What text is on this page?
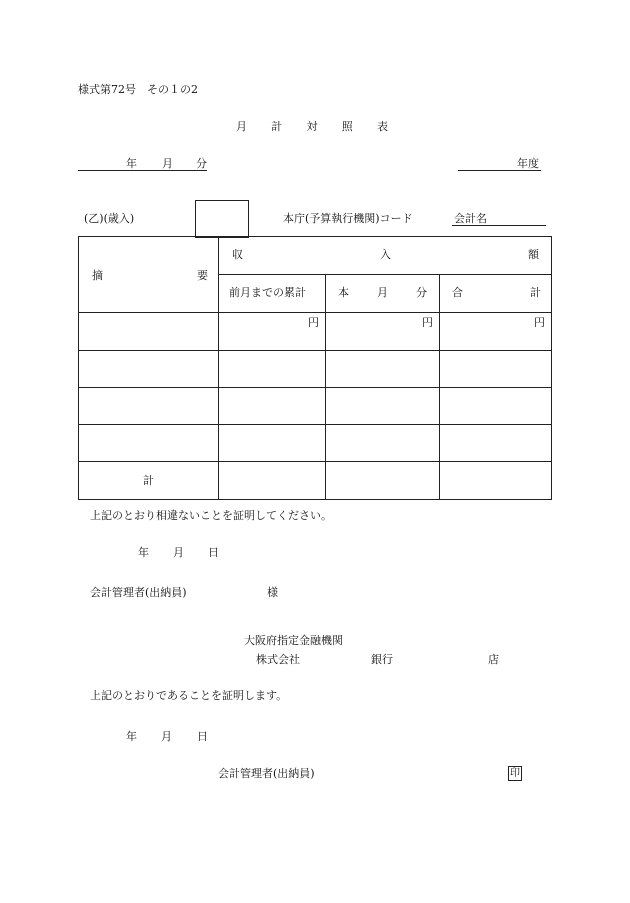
様式第72号　その１の2
月 計 対 照 表
年 月 分	年度
(乙)(歳入)	本庁(予算執行機関)コード	会計名
摘 要	収 入 額		

	前月までの累計	本 月 分	合 計

	円	円	円

計			

上記のとおり相違ないことを証明してください。
年 月 日
会計管理者(出納員)	様
大阪府指定金融機関
株式会社	銀行	店
上記のとおりであることを証明します。
年 月 日
会計管理者(出納員)	印
